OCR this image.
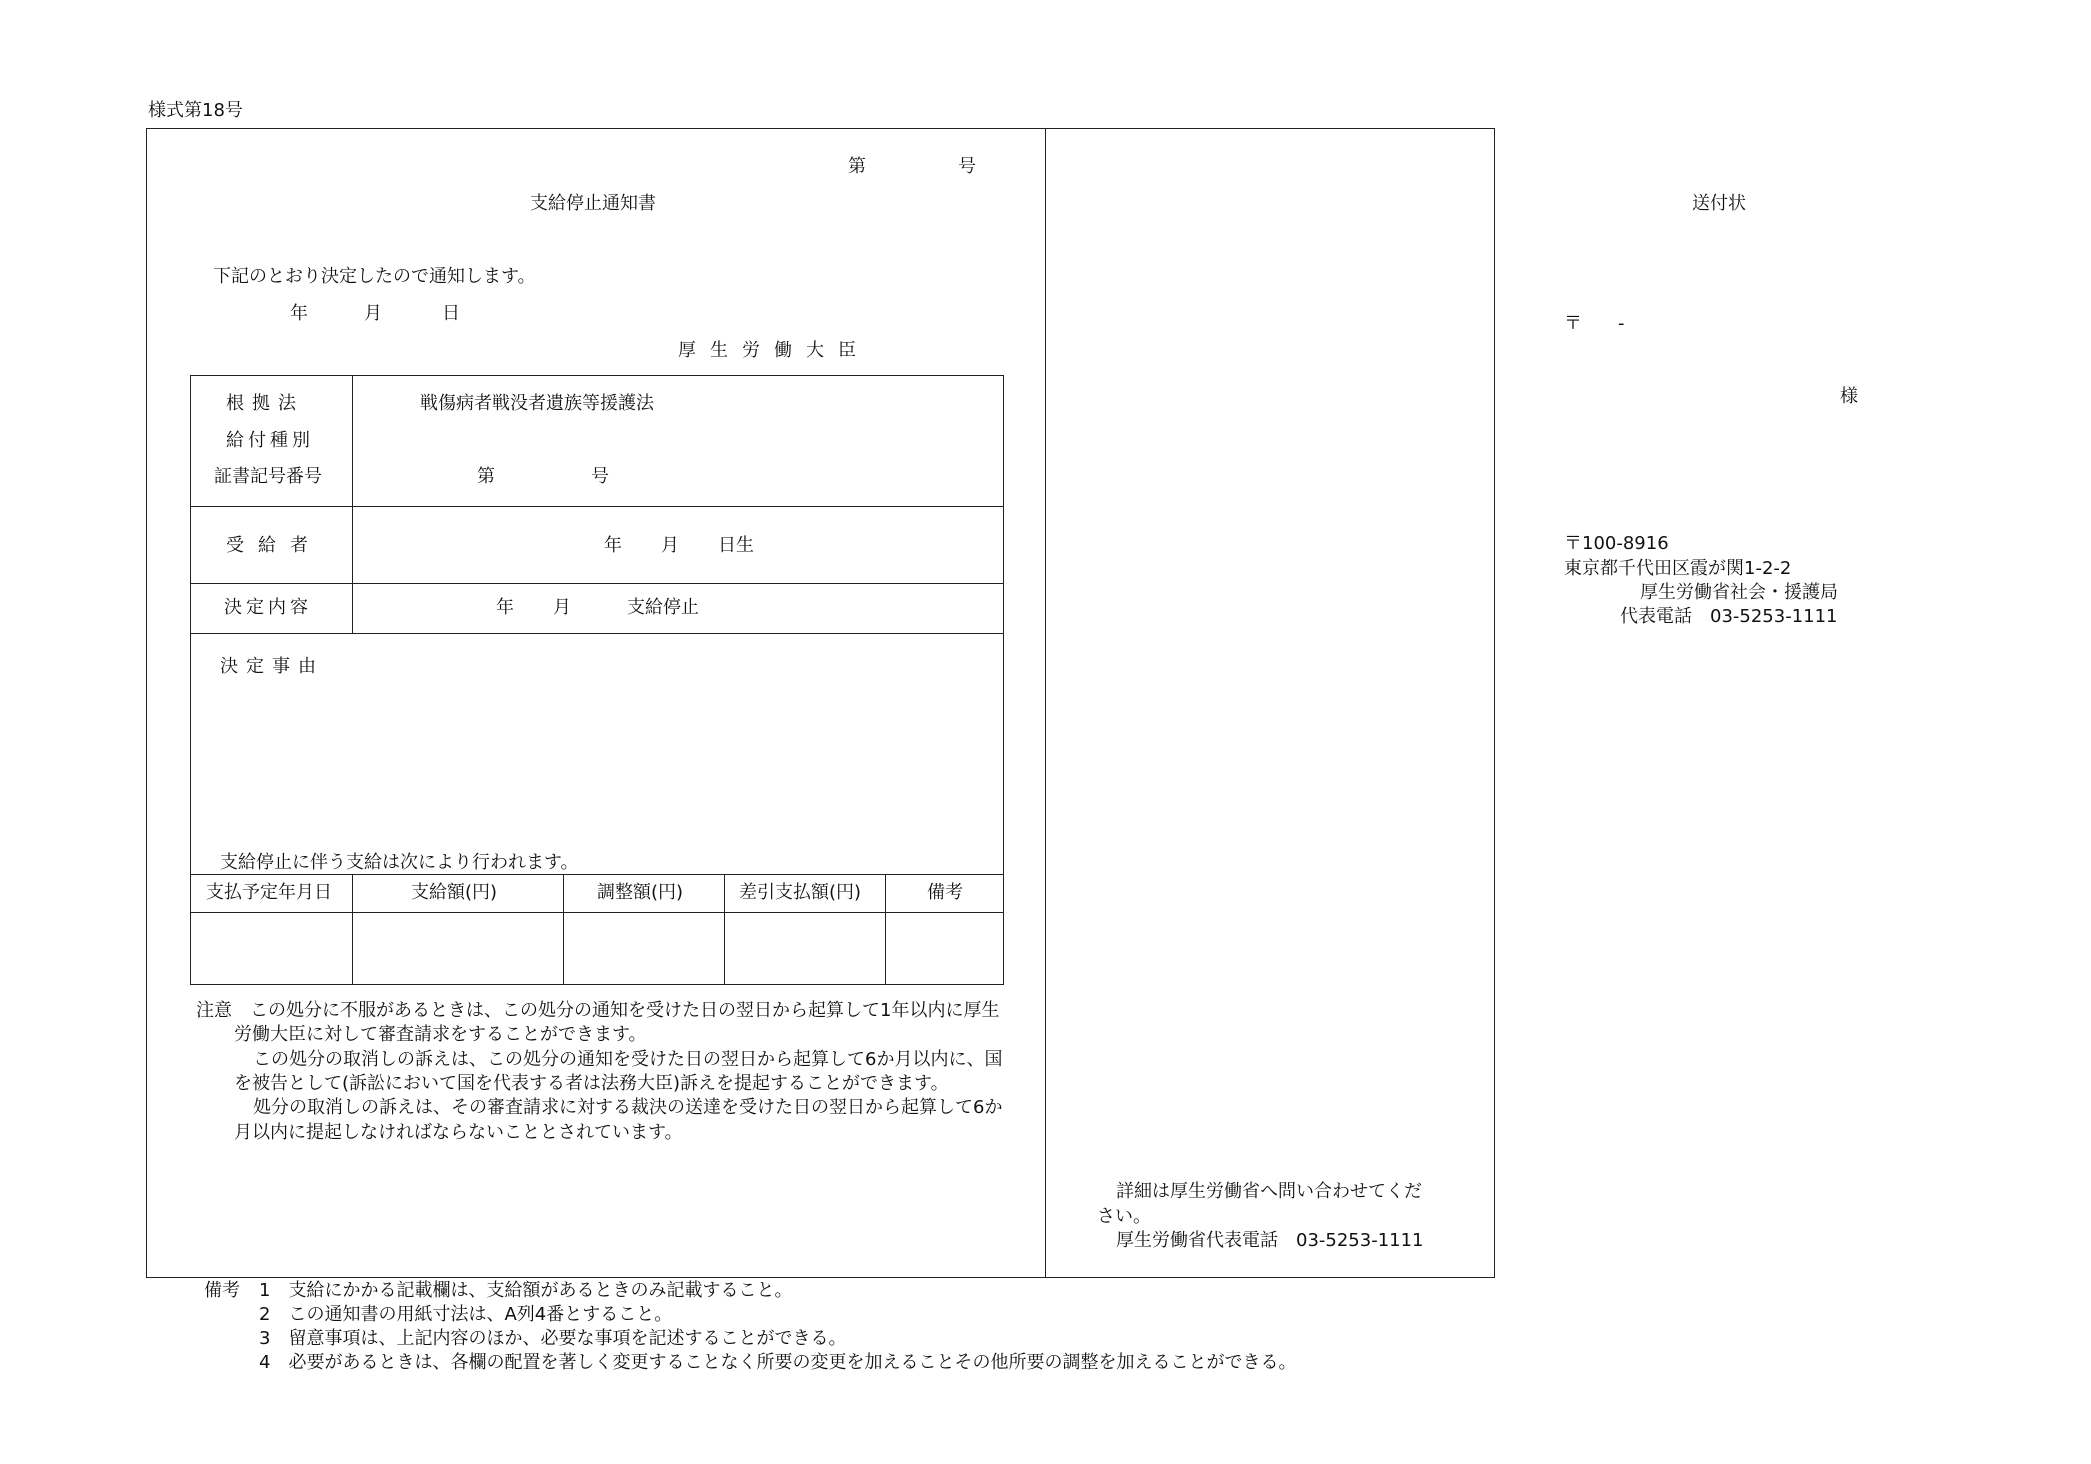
様式第18号
第	号
支給停止通知書
下記のとおり決定したので通知します。
年	月	日
厚生労働大臣
根拠法	戦傷病者戦没者遺族等援護法
給付種別
証書記号番号	第	号
受給者	年 月 日生
決定内容	年 月	支給停止
決定事由
支給停止に伴う支給は次により行われます。
支払予定年月日	支給額(円)	調整額(円)	差引支払額(円)	備考
注意　この処分に不服があるときは、この処分の通知を受けた日の翌日から起算して1年以内に厚生
労働大臣に対して審査請求をすることができます。
この処分の取消しの訴えは、この処分の通知を受けた日の翌日から起算して6か月以内に、国
を被告として(訴訟において国を代表する者は法務大臣)訴えを提起することができます。
処分の取消しの訴えは、その審査請求に対する裁決の送達を受けた日の翌日から起算して6か
月以内に提起しなければならないこととされています。
詳細は厚生労働省へ問い合わせてくだ
さい。
厚生労働省代表電話　03-5253-1111
送付状
〒 -
様
〒100-8916
東京都千代田区霞が関1-2-2
厚生労働省社会・援護局
代表電話　03-5253-1111
備考 1　支給にかかる記載欄は、支給額があるときのみ記載すること。
2　この通知書の用紙寸法は、A列4番とすること。
3　留意事項は、上記内容のほか、必要な事項を記述することができる。
4　必要があるときは、各欄の配置を著しく変更することなく所要の変更を加えることその他所要の調整を加えることができる。
